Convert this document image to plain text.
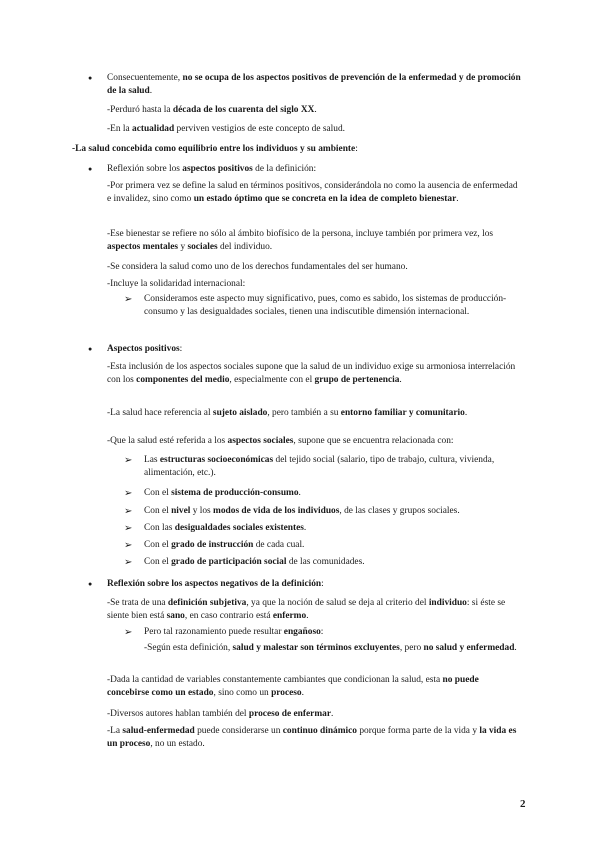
● Consecuentemente, no se ocupa de los aspectos positivos de prevención de la enfermedad y de promoción de la salud.

-Perduró hasta la década de los cuarenta del siglo XX.

-En la actualidad perviven vestigios de este concepto de salud.

-La salud concebida como equilibrio entre los individuos y su ambiente:

● Reflexión sobre los aspectos positivos de la definición:

-Por primera vez se define la salud en términos positivos, considerándola no como la ausencia de enfermedad e invalidez, sino como un estado óptimo que se concreta en la idea de completo bienestar.

-Ese bienestar se refiere no sólo al ámbito biofísico de la persona, incluye también por primera vez, los aspectos mentales y sociales del individuo.

-Se considera la salud como uno de los derechos fundamentales del ser humano.

-Incluye la solidaridad internacional:

➢ Consideramos este aspecto muy significativo, pues, como es sabido, los sistemas de producción-consumo y las desigualdades sociales, tienen una indiscutible dimensión internacional.

● Aspectos positivos:

-Esta inclusión de los aspectos sociales supone que la salud de un individuo exige su armoniosa interrelación con los componentes del medio, especialmente con el grupo de pertenencia.

-La salud hace referencia al sujeto aislado, pero también a su entorno familiar y comunitario.

-Que la salud esté referida a los aspectos sociales, supone que se encuentra relacionada con:

➢ Las estructuras socioeconómicas del tejido social (salario, tipo de trabajo, cultura, vivienda, alimentación, etc.).

➢ Con el sistema de producción-consumo.

➢ Con el nivel y los modos de vida de los individuos, de las clases y grupos sociales.

➢ Con las desigualdades sociales existentes.

➢ Con el grado de instrucción de cada cual.

➢ Con el grado de participación social de las comunidades.

● Reflexión sobre los aspectos negativos de la definición:

-Se trata de una definición subjetiva, ya que la noción de salud se deja al criterio del individuo: si éste se siente bien está sano, en caso contrario está enfermo.

➢ Pero tal razonamiento puede resultar engañoso:

-Según esta definición, salud y malestar son términos excluyentes, pero no salud y enfermedad.

-Dada la cantidad de variables constantemente cambiantes que condicionan la salud, esta no puede concebirse como un estado, sino como un proceso.

-Diversos autores hablan también del proceso de enfermar.

-La salud-enfermedad puede considerarse un continuo dinámico porque forma parte de la vida y la vida es un proceso, no un estado.

2
